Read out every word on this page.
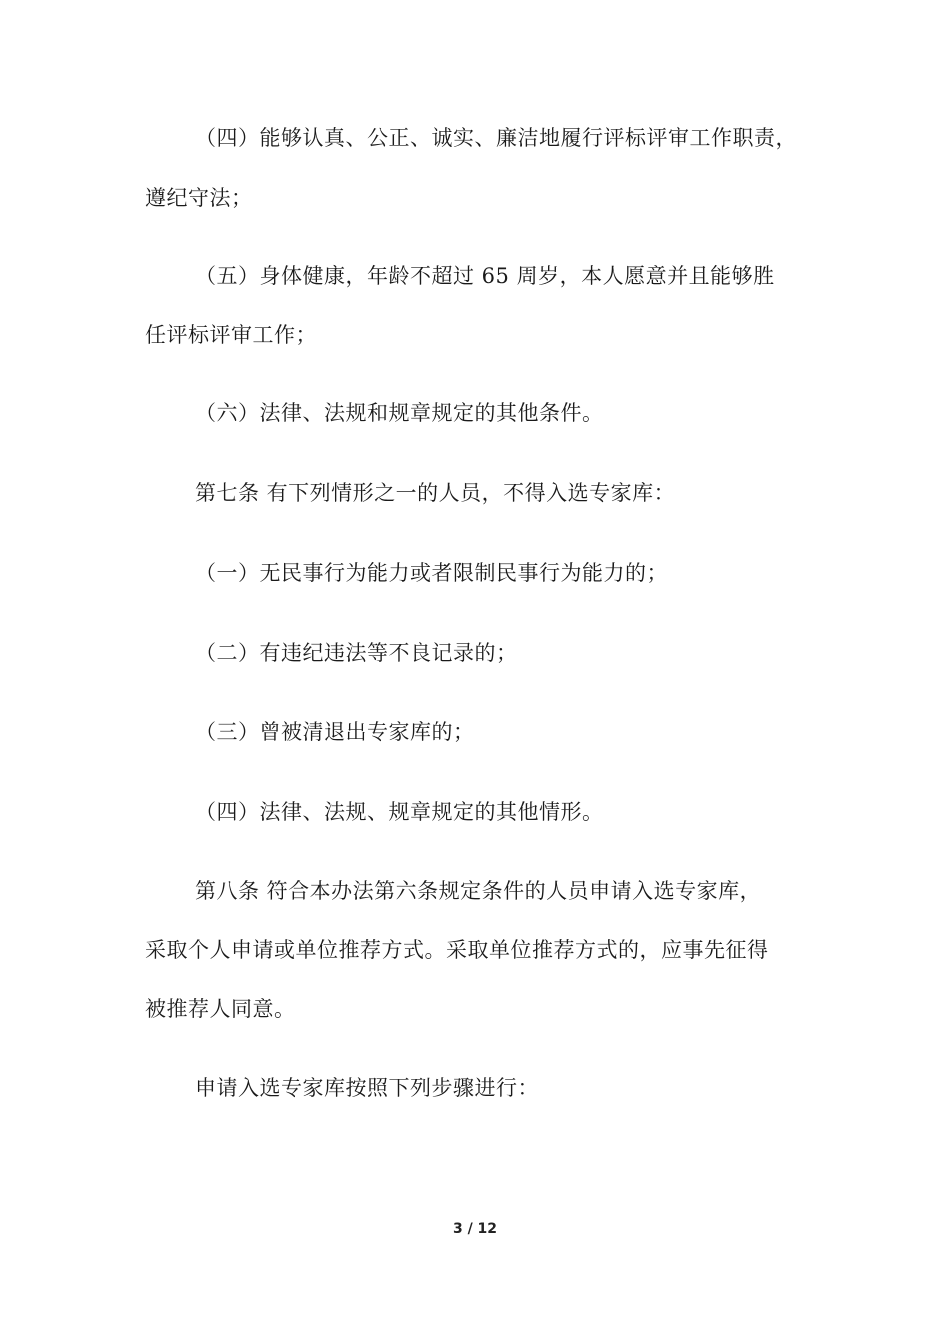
（四）能够认真、公正、诚实、廉洁地履行评标评审工作职责，
遵纪守法；
（五）身体健康，年龄不超过 65 周岁，本人愿意并且能够胜
任评标评审工作；
（六）法律、法规和规章规定的其他条件。
第七条 有下列情形之一的人员，不得入选专家库：
（一）无民事行为能力或者限制民事行为能力的；
（二）有违纪违法等不良记录的；
（三）曾被清退出专家库的；
（四）法律、法规、规章规定的其他情形。
第八条 符合本办法第六条规定条件的人员申请入选专家库，
采取个人申请或单位推荐方式。采取单位推荐方式的，应事先征得
被推荐人同意。
申请入选专家库按照下列步骤进行：
3 / 12
